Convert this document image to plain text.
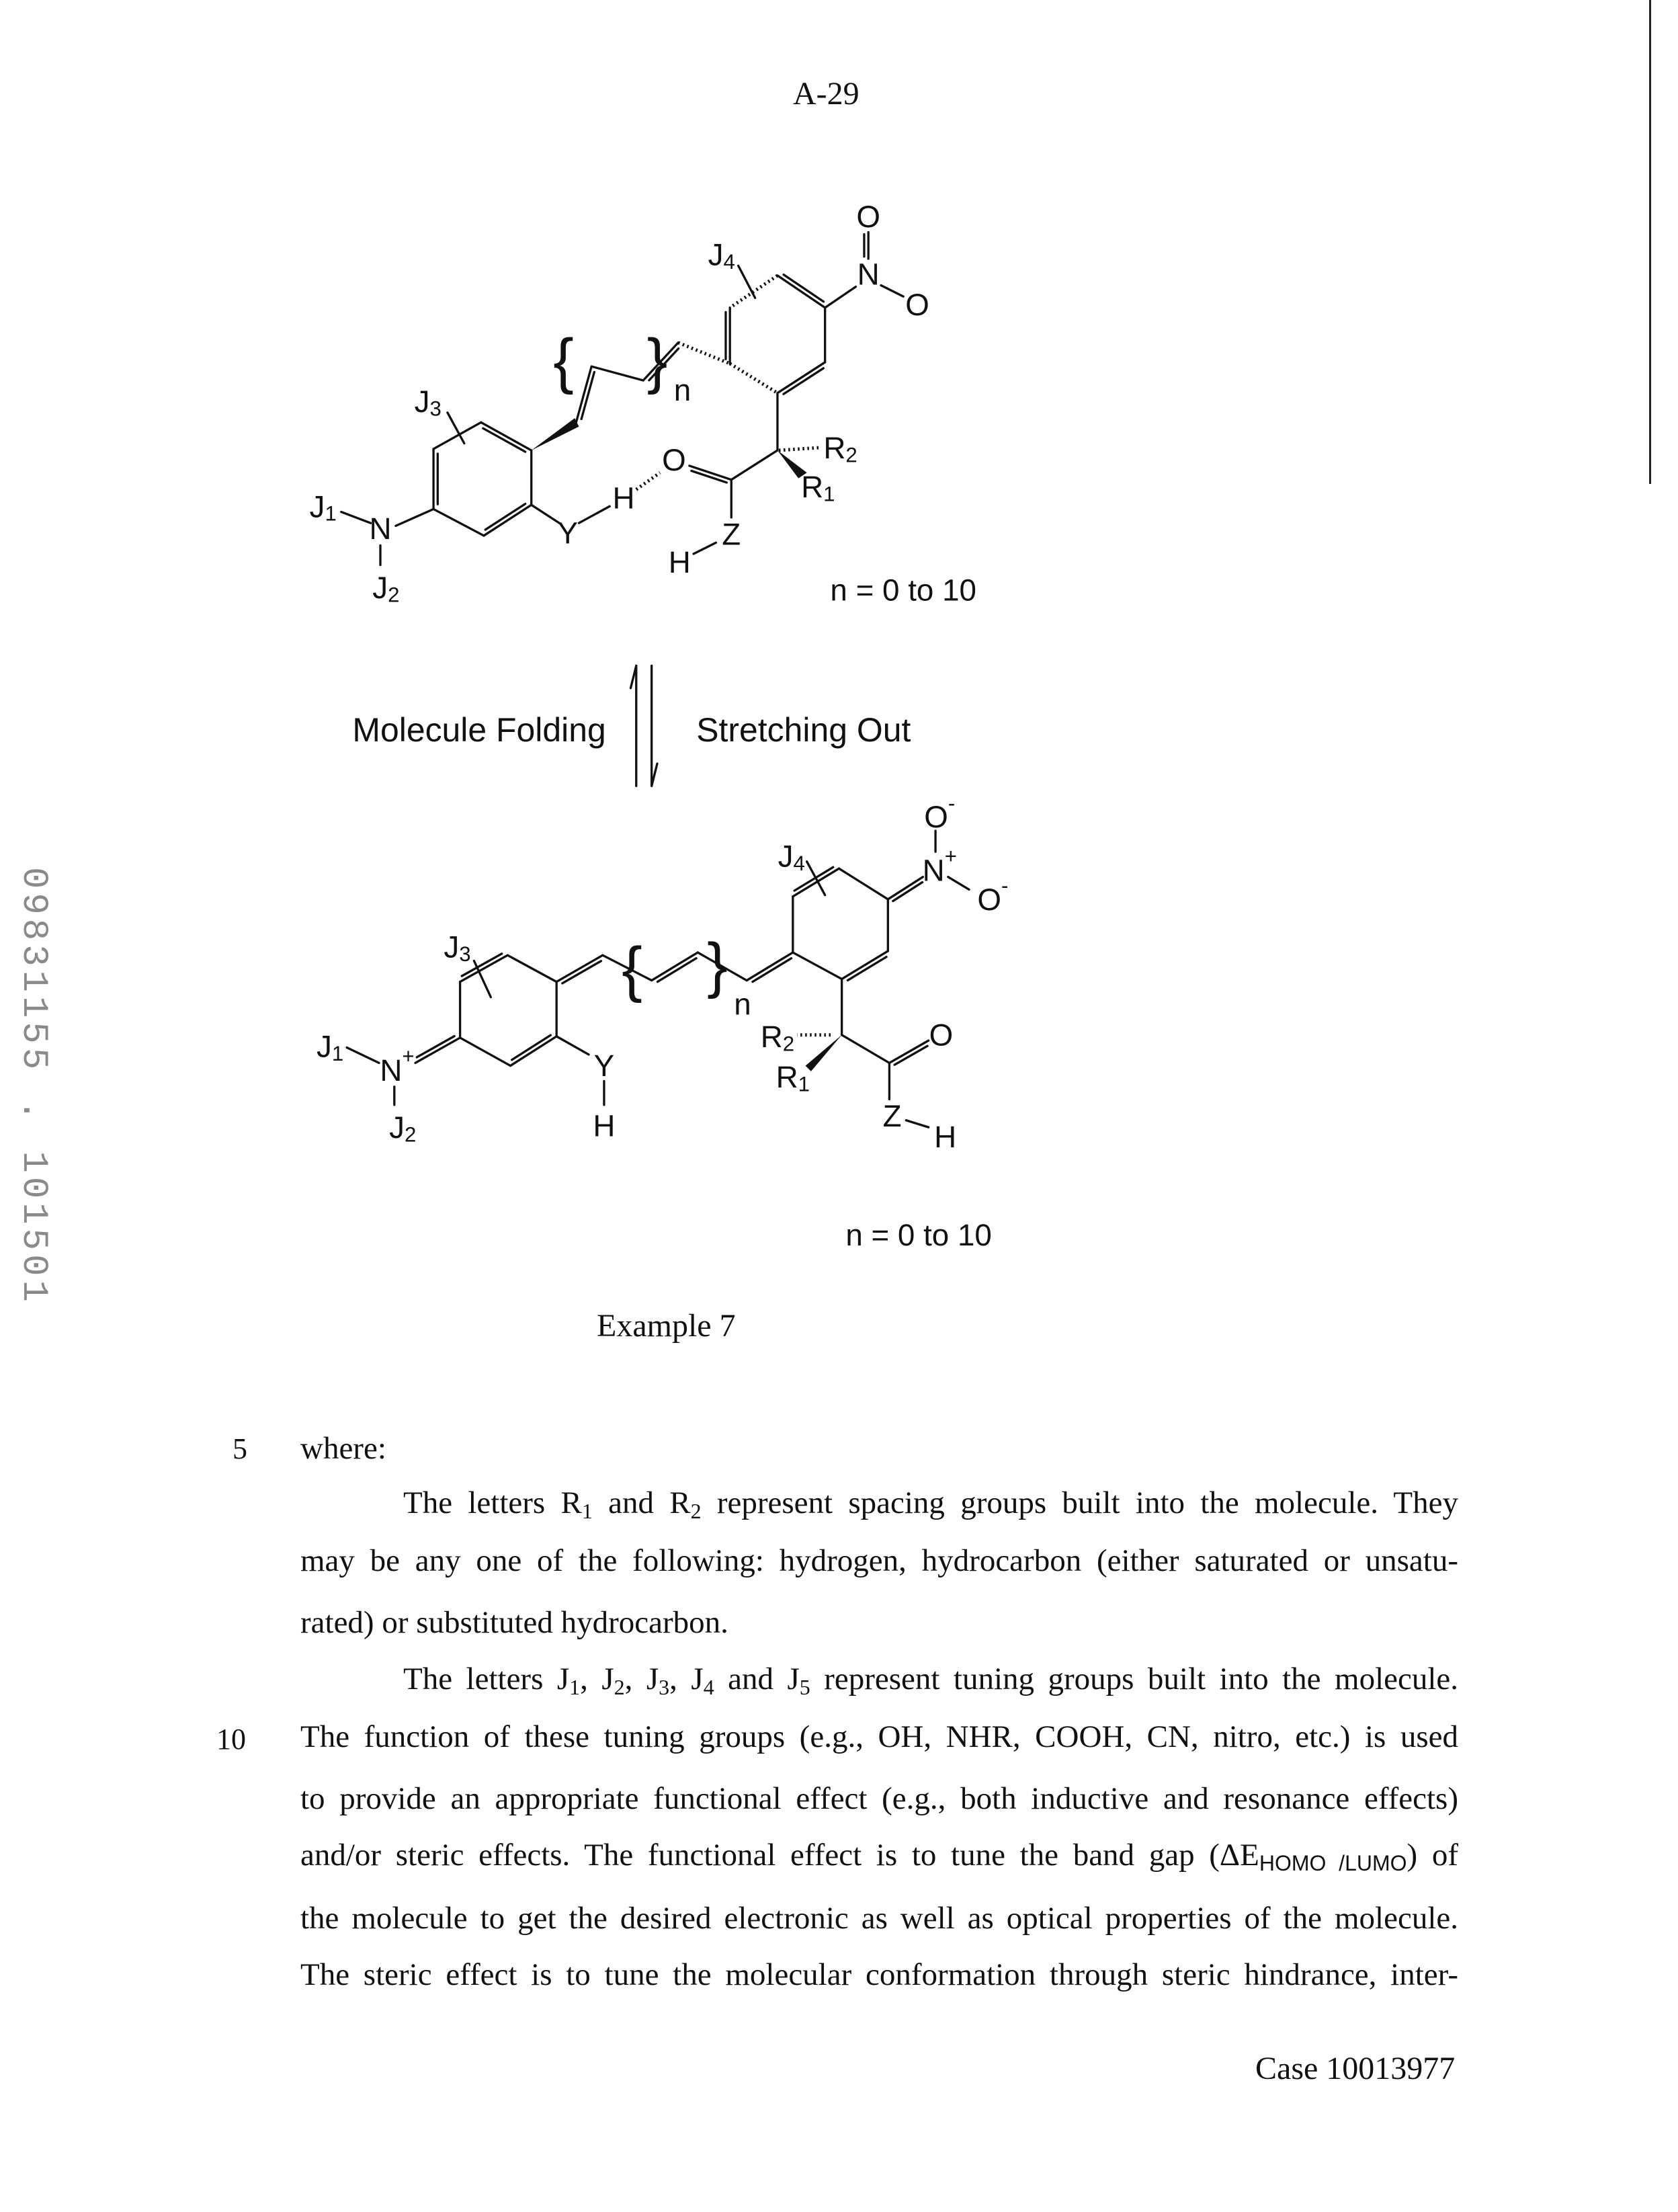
09831155 . 101501
A-29
J3
N
J1
J2
Y
H
O
Z
H
R2
R1
N
O
O
J4
{ } n
n = 0 to 10
Molecule Folding	Stretching Out
J3
N+
J1
J2
Y
H
{ }
n
J4	N+
O-
O-
R2
R1
O
Z
H
n = 0 to 10
Example 7
5 where:
10
The letters R1 and R2 represent spacing groups built into the molecule. They
may be any one of the following: hydrogen, hydrocarbon (either saturated or unsatu-
rated) or substituted hydrocarbon.
The letters J1, J2, J3, J4 and J5 represent tuning groups built into the molecule.
The function of these tuning groups (e.g., OH, NHR, COOH, CN, nitro, etc.) is used
to provide an appropriate functional effect (e.g., both inductive and resonance effects)
and/or steric effects. The functional effect is to tune the band gap (ΔEHOMO /LUMO) of
the molecule to get the desired electronic as well as optical properties of the molecule.
The steric effect is to tune the molecular conformation through steric hindrance, inter-
Case 10013977
